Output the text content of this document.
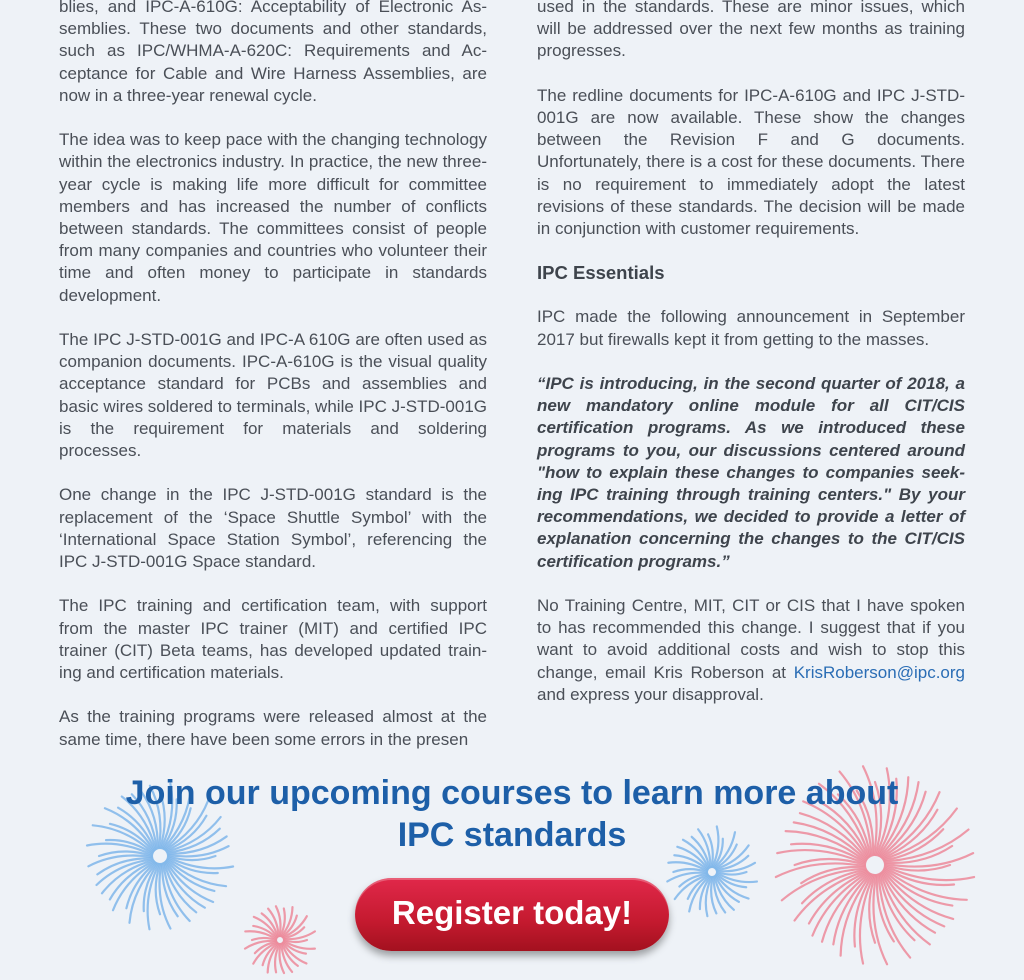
blies, and IPC-A-610G: Acceptability of Electronic Assemblies. These two documents and other standards, such as IPC/WHMA-A-620C: Requirements and Acceptance for Cable and Wire Harness Assemblies, are now in a three-year renewal cycle.

The idea was to keep pace with the changing technology within the electronics industry. In practice, the new three-year cycle is making life more difficult for committee members and has increased the number of conflicts between standards. The committees consist of people from many companies and countries who volunteer their time and often money to participate in standards development.

The IPC J-STD-001G and IPC-A 610G are often used as companion documents. IPC-A-610G is the visual quality acceptance standard for PCBs and assemblies and basic wires soldered to terminals, while IPC J-STD-001G is the requirement for materials and soldering processes.

One change in the IPC J-STD-001G standard is the replacement of the ‘Space Shuttle Symbol’ with the ‘International Space Station Symbol’, referencing the IPC J-STD-001G Space standard.

The IPC training and certification team, with support from the master IPC trainer (MIT) and certified IPC trainer (CIT) Beta teams, has developed updated training and certification materials.

As the training programs were released almost at the same time, there have been some errors in the presen

used in the standards. These are minor issues, which will be addressed over the next few months as training progresses.

The redline documents for IPC-A-610G and IPC J-STD-001G are now available. These show the changes between the Revision F and G documents. Unfortunately, there is a cost for these documents. There is no requirement to immediately adopt the latest revisions of these standards. The decision will be made in conjunction with customer requirements.

IPC Essentials

IPC made the following announcement in September 2017 but firewalls kept it from getting to the masses.

“IPC is introducing, in the second quarter of 2018, a new mandatory online module for all CIT/CIS certification programs. As we introduced these programs to you, our discussions centered around "how to explain these changes to companies seeking IPC training through training centers." By your recommendations, we decided to provide a letter of explanation concerning the changes to the CIT/CIS certification programs.”

No Training Centre, MIT, CIT or CIS that I have spoken to has recommended this change. I suggest that if you want to avoid additional costs and wish to stop this change, email Kris Roberson at KrisRoberson@ipc.org and express your disapproval.

Join our upcoming courses to learn more about
IPC standards
Register today!
